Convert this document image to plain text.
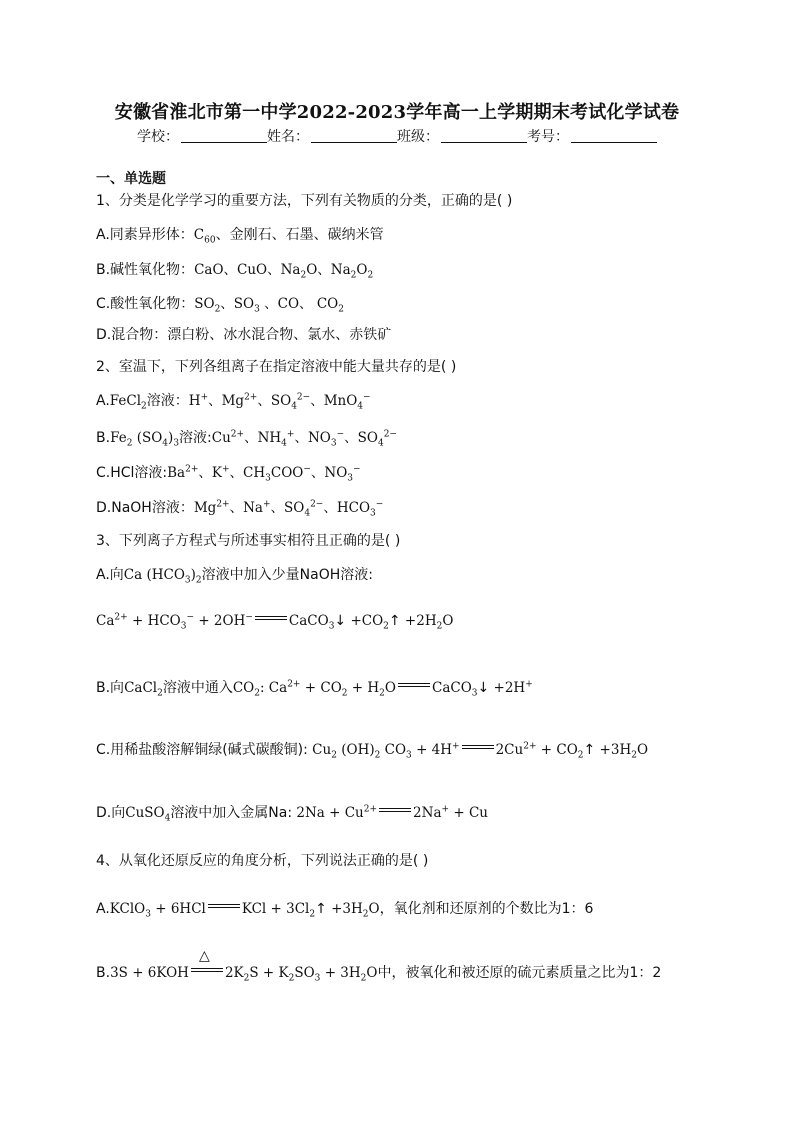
安徽省淮北市第一中学2022-2023学年高一上学期期末考试化学试卷
学校：	姓名：	班级：	考号：
一、单选题
1、分类是化学学习的重要方法，下列有关物质的分类，正确的是( )
A.同素异形体：$C_{60}$、金刚石、石墨、碳纳米管
B.碱性氧化物：CaO、CuO、$Na_2O$、$Na_2O_2$
C.酸性氧化物：$SO_2$、$SO_3$ 、CO、 $CO_2$
D.混合物：漂白粉、冰水混合物、氯水、赤铁矿
2、室温下，下列各组离子在指定溶液中能大量共存的是( )
A.FeCl$_2$溶液：H+、$Mg^{2+}$、$SO_4^{2-}$、MnO$_4$−
$B.Fe_2$ $(SO_4)_3$溶液$:Cu^{2+}$、$NH_4^+$、$NO_3^-$、$SO_4^{2-}$
C.HCl溶液$:Ba^{2+}$、K+、$CH_3COO^-$、$NO_3^-$
D.NaOH溶液：$Mg^{2+}$、Na+、$SO_4^{2-}$、$HCO_3^-$
3、下列离子方程式与所述事实相符且正确的是( )
A.向Ca $(HCO_3)_2$溶液中加入少量NaOH溶液:
$Ca^{2+} + HCO_3^- + 2OH^-$	CaCO$_3$↓ $+CO_2↑ +2H_2O$
B.向CaCl$_2$溶液中通入$CO_2$: $Ca^{2+} + CO_2 + H_2O$	CaCO$_3$↓ +2H+
C.用稀盐酸溶解铜绿(碱式碳酸铜): $Cu_2$ $(OH)_2$ $CO_3 + 4H^+$	$2Cu^{2+}$ + $CO_2↑ +3H_2O$
D.向CuSO$_4$溶液中加入金属Na: $2Na + Cu^{2+}$	2Na+ + Cu
4、从氧化还原反应的角度分析，下列说法正确的是( )
A.KClO$_3$ + 6HCl	KCl + $3Cl_2↑ +3H_2O$，氧化剂和还原剂的个数比为1：6
B.3S + 6KOH
△
$2K_2S + K_2SO_3 + 3H_2O$中，被氧化和被还原的硫元素质量之比为1：2
